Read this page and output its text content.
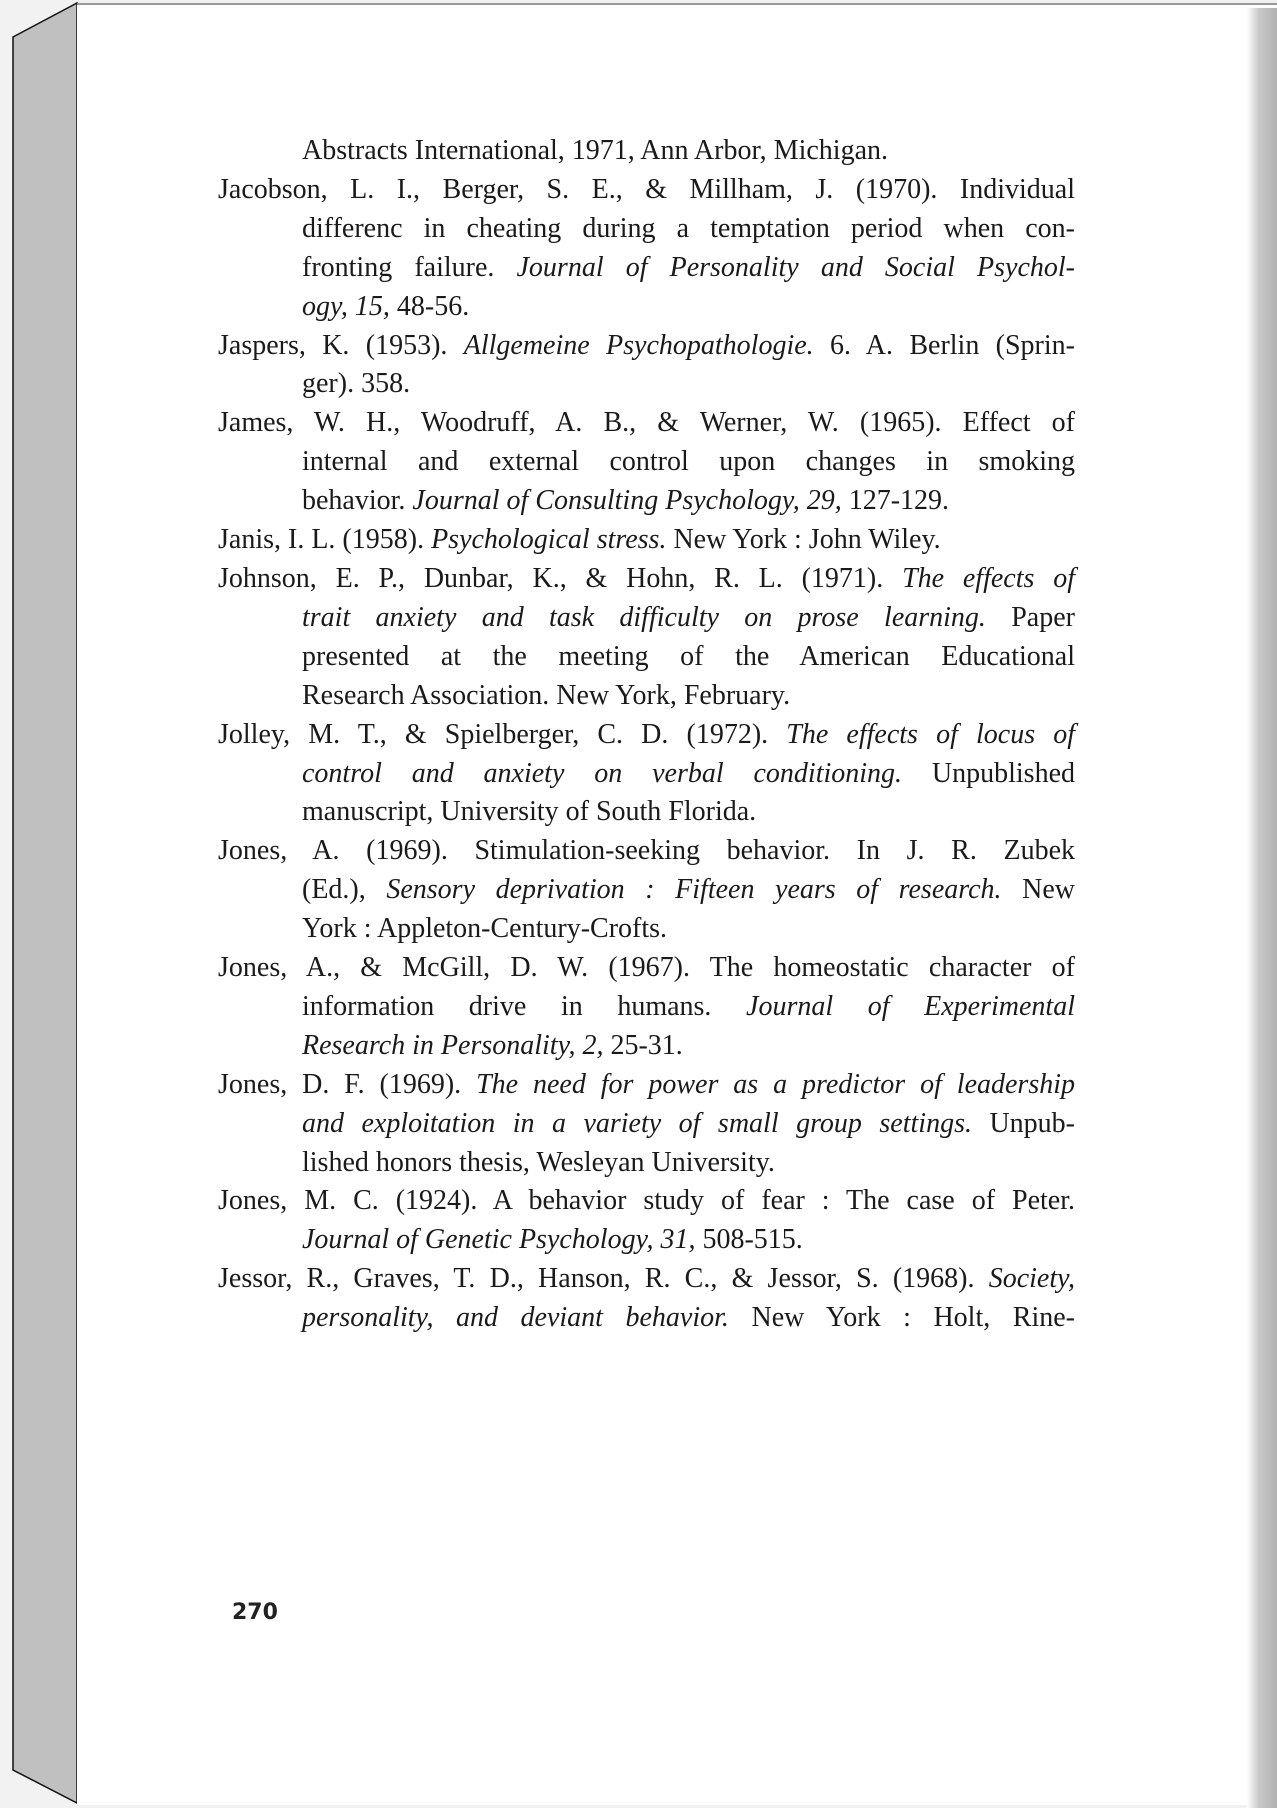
Abstracts International, 1971, Ann Arbor, Michigan.
Jacobson, L. I., Berger, S. E., & Millham, J. (1970). Individual
differenc in cheating during a temptation period when con-
fronting failure. Journal of Personality and Social Psychol-
ogy, 15, 48-56.
Jaspers, K. (1953). Allgemeine Psychopathologie. 6. A. Berlin (Sprin-
ger). 358.
James, W. H., Woodruff, A. B., & Werner, W. (1965). Effect of
internal and external control upon changes in smoking
behavior. Journal of Consulting Psychology, 29, 127-129.
Janis, I. L. (1958). Psychological stress. New York : John Wiley.
Johnson, E. P., Dunbar, K., & Hohn, R. L. (1971). The effects of
trait anxiety and task difficulty on prose learning. Paper
presented at the meeting of the American Educational
Research Association. New York, February.
Jolley, M. T., & Spielberger, C. D. (1972). The effects of locus of
control and anxiety on verbal conditioning. Unpublished
manuscript, University of South Florida.
Jones, A. (1969). Stimulation-seeking behavior. In J. R. Zubek
(Ed.), Sensory deprivation : Fifteen years of research. New
York : Appleton-Century-Crofts.
Jones, A., & McGill, D. W. (1967). The homeostatic character of
information drive in humans. Journal of Experimental
Research in Personality, 2, 25-31.
Jones, D. F. (1969). The need for power as a predictor of leadership
and exploitation in a variety of small group settings. Unpub-
lished honors thesis, Wesleyan University.
Jones, M. C. (1924). A behavior study of fear : The case of Peter.
Journal of Genetic Psychology, 31, 508-515.
Jessor, R., Graves, T. D., Hanson, R. C., & Jessor, S. (1968). Society,
personality, and deviant behavior. New York : Holt, Rine-
270
